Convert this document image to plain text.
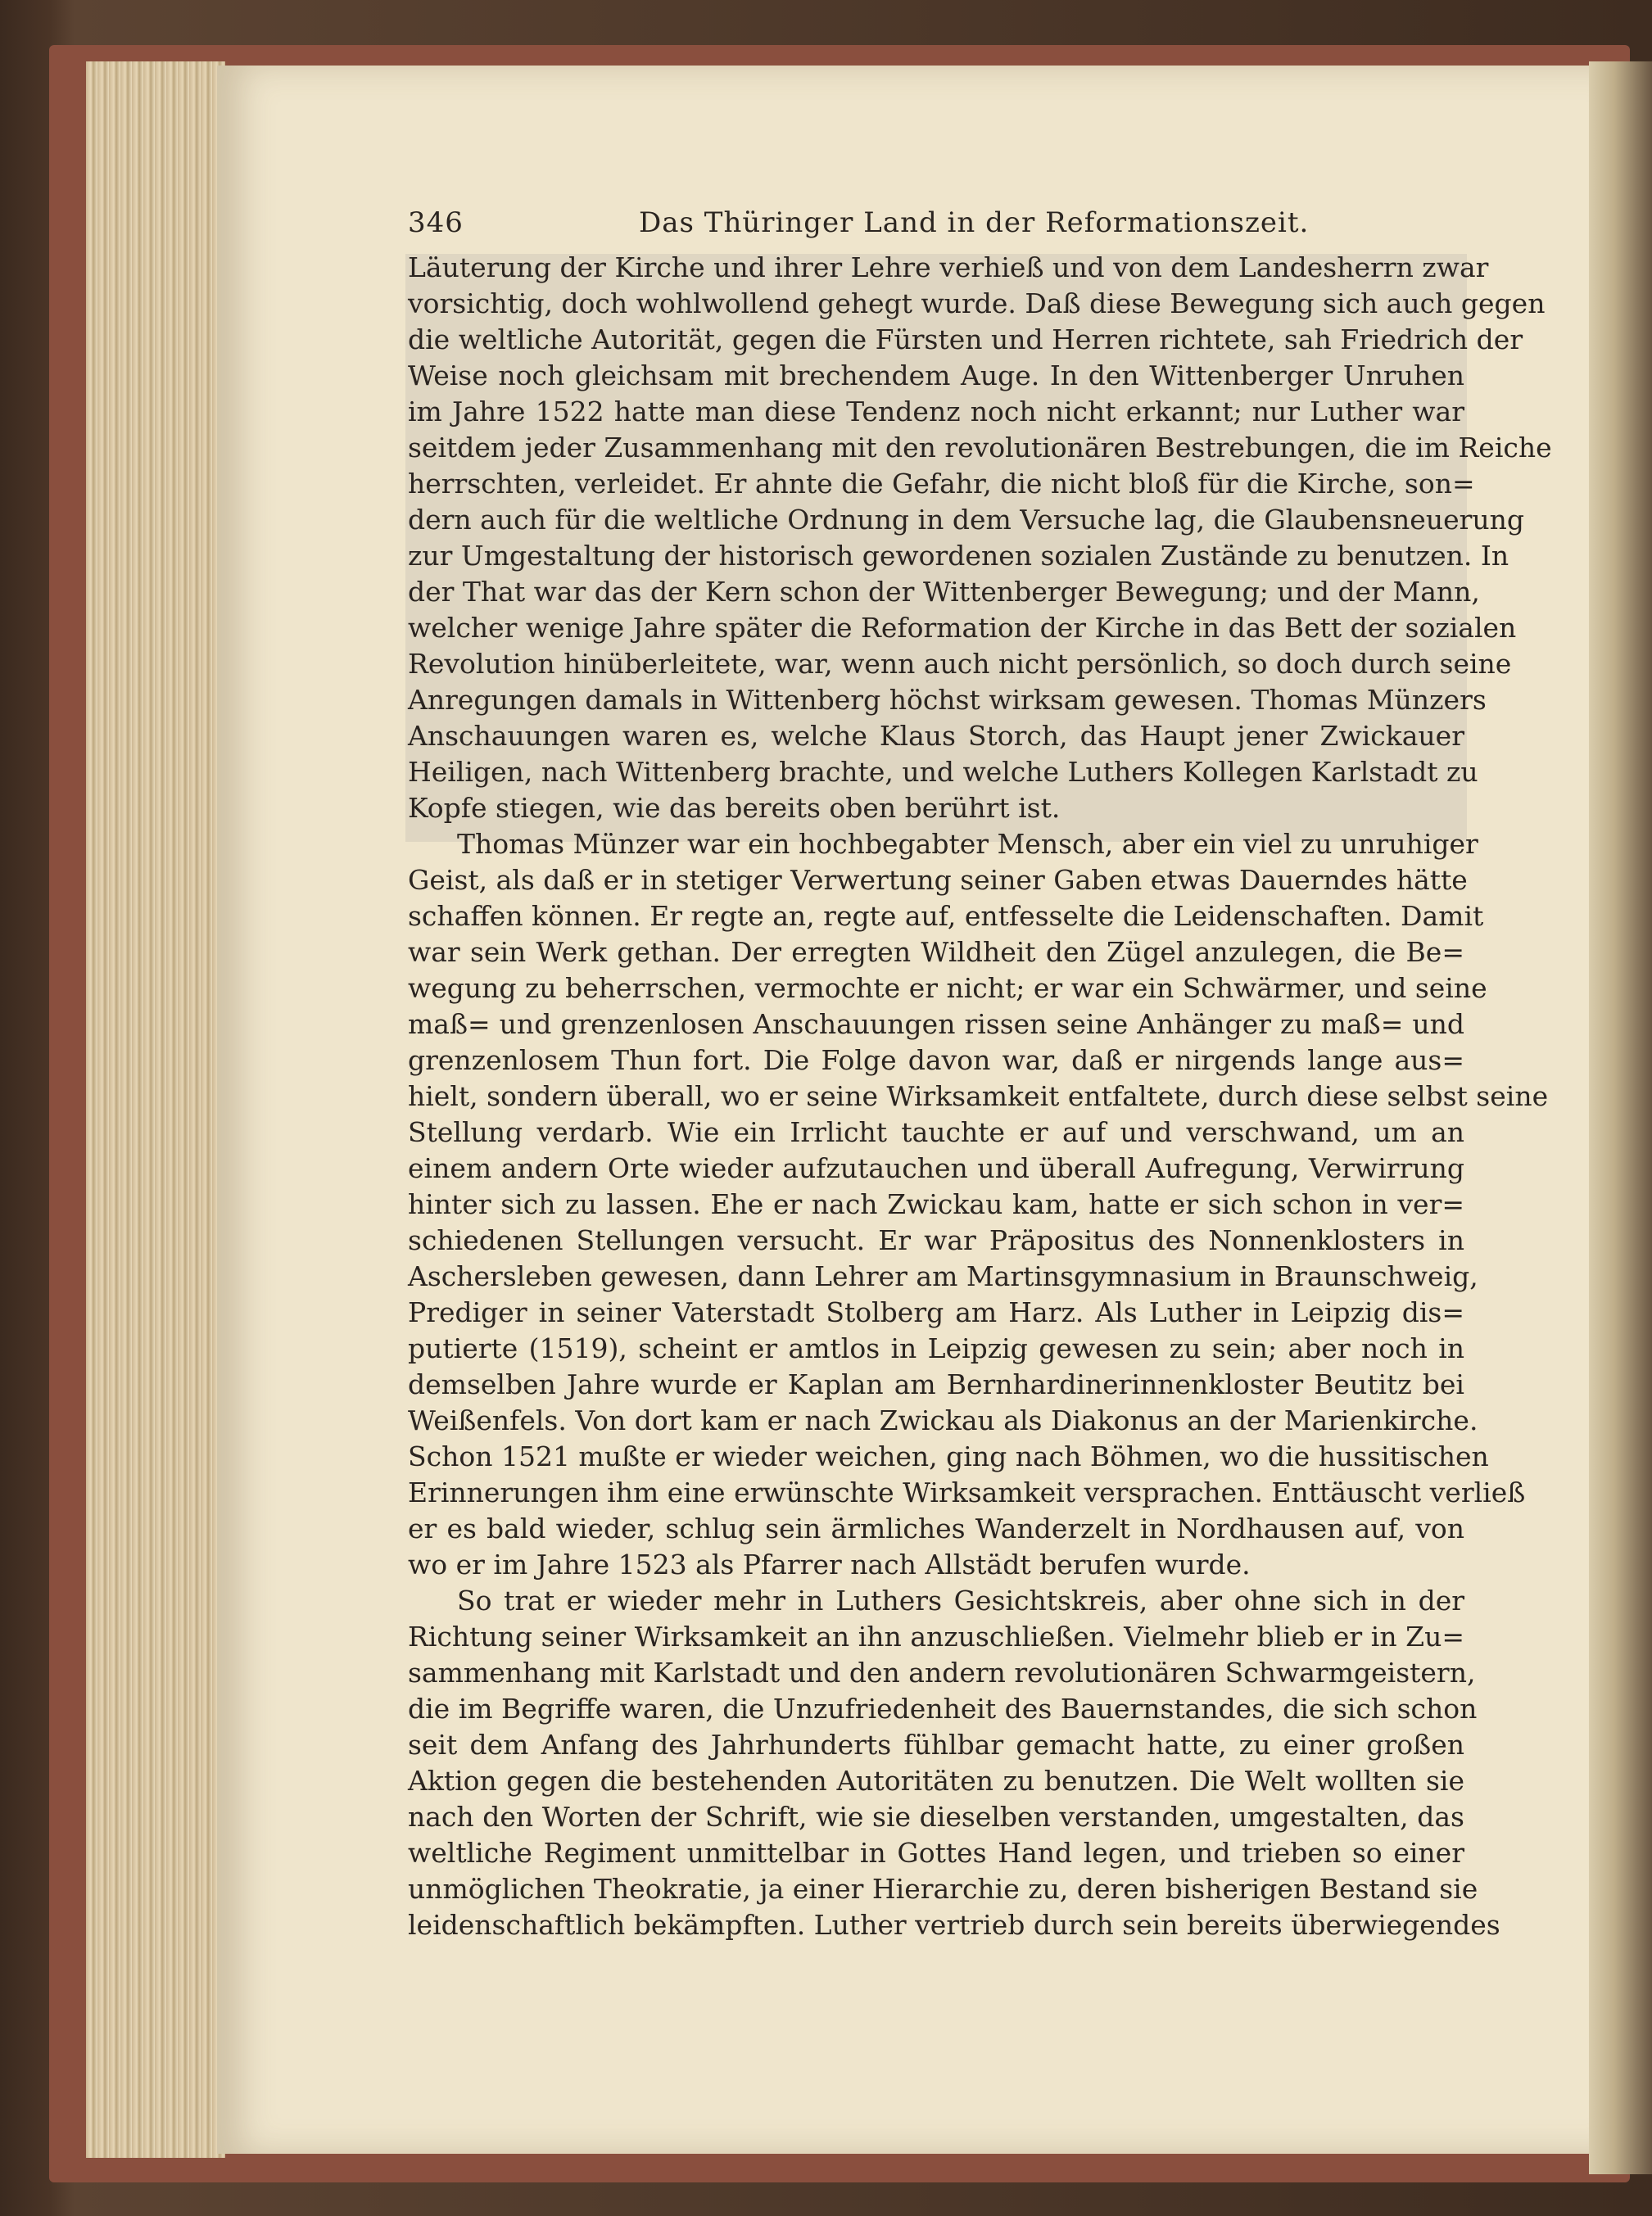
346	Das Thüringer Land in der Reformationszeit.
Läuterung der Kirche und ihrer Lehre verhieß und von dem Landesherrn zwar
vorsichtig, doch wohlwollend gehegt wurde. Daß diese Bewegung sich auch gegen
die weltliche Autorität, gegen die Fürsten und Herren richtete, sah Friedrich der
Weise noch gleichsam mit brechendem Auge. In den Wittenberger Unruhen
im Jahre 1522 hatte man diese Tendenz noch nicht erkannt; nur Luther war
seitdem jeder Zusammenhang mit den revolutionären Bestrebungen, die im Reiche
herrschten, verleidet. Er ahnte die Gefahr, die nicht bloß für die Kirche, son=
dern auch für die weltliche Ordnung in dem Versuche lag, die Glaubensneuerung
zur Umgestaltung der historisch gewordenen sozialen Zustände zu benutzen. In
der That war das der Kern schon der Wittenberger Bewegung; und der Mann,
welcher wenige Jahre später die Reformation der Kirche in das Bett der sozialen
Revolution hinüberleitete, war, wenn auch nicht persönlich, so doch durch seine
Anregungen damals in Wittenberg höchst wirksam gewesen. Thomas Münzers
Anschauungen waren es, welche Klaus Storch, das Haupt jener Zwickauer
Heiligen, nach Wittenberg brachte, und welche Luthers Kollegen Karlstadt zu
Kopfe stiegen, wie das bereits oben berührt ist.
Thomas Münzer war ein hochbegabter Mensch, aber ein viel zu unruhiger
Geist, als daß er in stetiger Verwertung seiner Gaben etwas Dauerndes hätte
schaffen können. Er regte an, regte auf, entfesselte die Leidenschaften. Damit
war sein Werk gethan. Der erregten Wildheit den Zügel anzulegen, die Be=
wegung zu beherrschen, vermochte er nicht; er war ein Schwärmer, und seine
maß= und grenzenlosen Anschauungen rissen seine Anhänger zu maß= und
grenzenlosem Thun fort. Die Folge davon war, daß er nirgends lange aus=
hielt, sondern überall, wo er seine Wirksamkeit entfaltete, durch diese selbst seine
Stellung verdarb. Wie ein Irrlicht tauchte er auf und verschwand, um an
einem andern Orte wieder aufzutauchen und überall Aufregung, Verwirrung
hinter sich zu lassen. Ehe er nach Zwickau kam, hatte er sich schon in ver=
schiedenen Stellungen versucht. Er war Präpositus des Nonnenklosters in
Aschersleben gewesen, dann Lehrer am Martinsgymnasium in Braunschweig,
Prediger in seiner Vaterstadt Stolberg am Harz. Als Luther in Leipzig dis=
putierte (1519), scheint er amtlos in Leipzig gewesen zu sein; aber noch in
demselben Jahre wurde er Kaplan am Bernhardinerinnenkloster Beutitz bei
Weißenfels. Von dort kam er nach Zwickau als Diakonus an der Marienkirche.
Schon 1521 mußte er wieder weichen, ging nach Böhmen, wo die hussitischen
Erinnerungen ihm eine erwünschte Wirksamkeit versprachen. Enttäuscht verließ
er es bald wieder, schlug sein ärmliches Wanderzelt in Nordhausen auf, von
wo er im Jahre 1523 als Pfarrer nach Allstädt berufen wurde.
So trat er wieder mehr in Luthers Gesichtskreis, aber ohne sich in der
Richtung seiner Wirksamkeit an ihn anzuschließen. Vielmehr blieb er in Zu=
sammenhang mit Karlstadt und den andern revolutionären Schwarmgeistern,
die im Begriffe waren, die Unzufriedenheit des Bauernstandes, die sich schon
seit dem Anfang des Jahrhunderts fühlbar gemacht hatte, zu einer großen
Aktion gegen die bestehenden Autoritäten zu benutzen. Die Welt wollten sie
nach den Worten der Schrift, wie sie dieselben verstanden, umgestalten, das
weltliche Regiment unmittelbar in Gottes Hand legen, und trieben so einer
unmöglichen Theokratie, ja einer Hierarchie zu, deren bisherigen Bestand sie
leidenschaftlich bekämpften. Luther vertrieb durch sein bereits überwiegendes
